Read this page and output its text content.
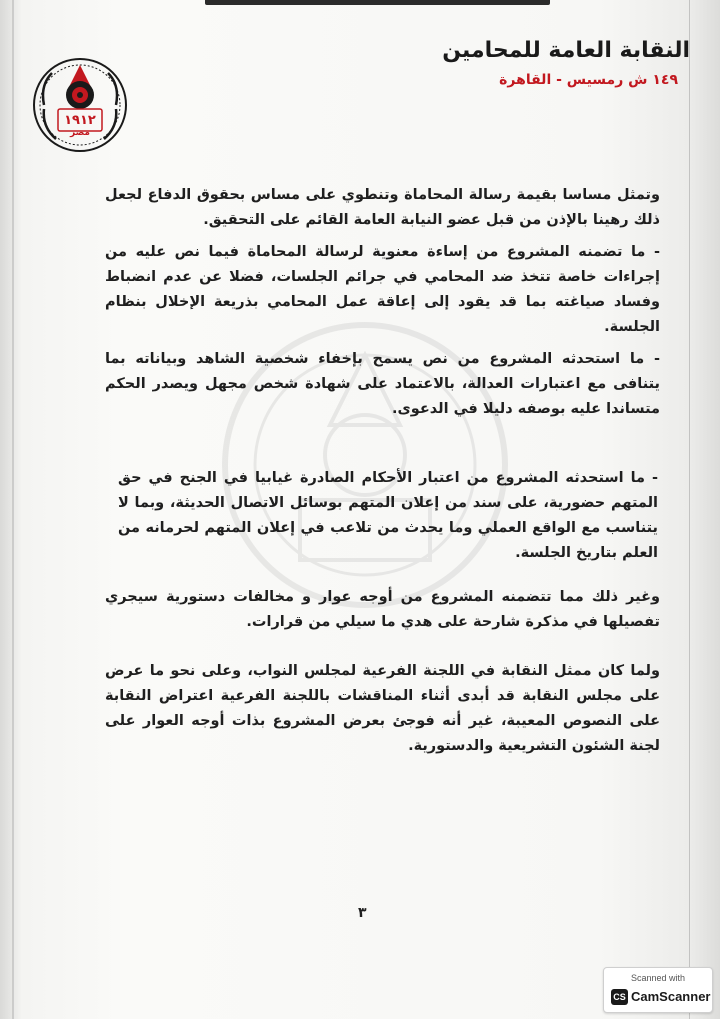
١٩١٢
مصر
النقابة العامة للمحامين
١٤٩ ش رمسيس - القاهرة

وتمثل مساسا بقيمة رسالة المحاماة وتنطوي على مساس بحقوق الدفاع لجعل ذلك رهينا بالإذن من قبل عضو النيابة العامة القائم على التحقيق.

- ما تضمنه المشروع من إساءة معنوية لرسالة المحاماة فيما نص عليه من إجراءات خاصة تتخذ ضد المحامي في جرائم الجلسات، فضلا عن عدم انضباط وفساد صياغته بما قد يقود إلى إعاقة عمل المحامي بذريعة الإخلال بنظام الجلسة.

- ما استحدثه المشروع من نص يسمح بإخفاء شخصية الشاهد وبياناته بما يتنافى مع اعتبارات العدالة، بالاعتماد على شهادة شخص مجهل ويصدر الحكم متساندا عليه بوصفه دليلا في الدعوى.

- ما استحدثه المشروع من اعتبار الأحكام الصادرة غيابيا في الجنح في حق المتهم حضورية، على سند من إعلان المتهم بوسائل الاتصال الحديثة، وبما لا يتناسب مع الواقع العملي وما يحدث من تلاعب في إعلان المتهم لحرمانه من العلم بتاريخ الجلسة.

وغير ذلك مما تتضمنه المشروع من أوجه عوار و مخالفات دستورية سيجري تفصيلها في مذكرة شارحة على هدي ما سيلي من قرارات.

ولما كان ممثل النقابة في اللجنة الفرعية لمجلس النواب، وعلى نحو ما عرض على مجلس النقابة قد أبدى أثناء المناقشات باللجنة الفرعية اعتراض النقابة على النصوص المعيبة، غير أنه فوجئ بعرض المشروع بذات أوجه العوار على لجنة الشئون التشريعية والدستورية.

٣
Scanned with
CS CamScanner
